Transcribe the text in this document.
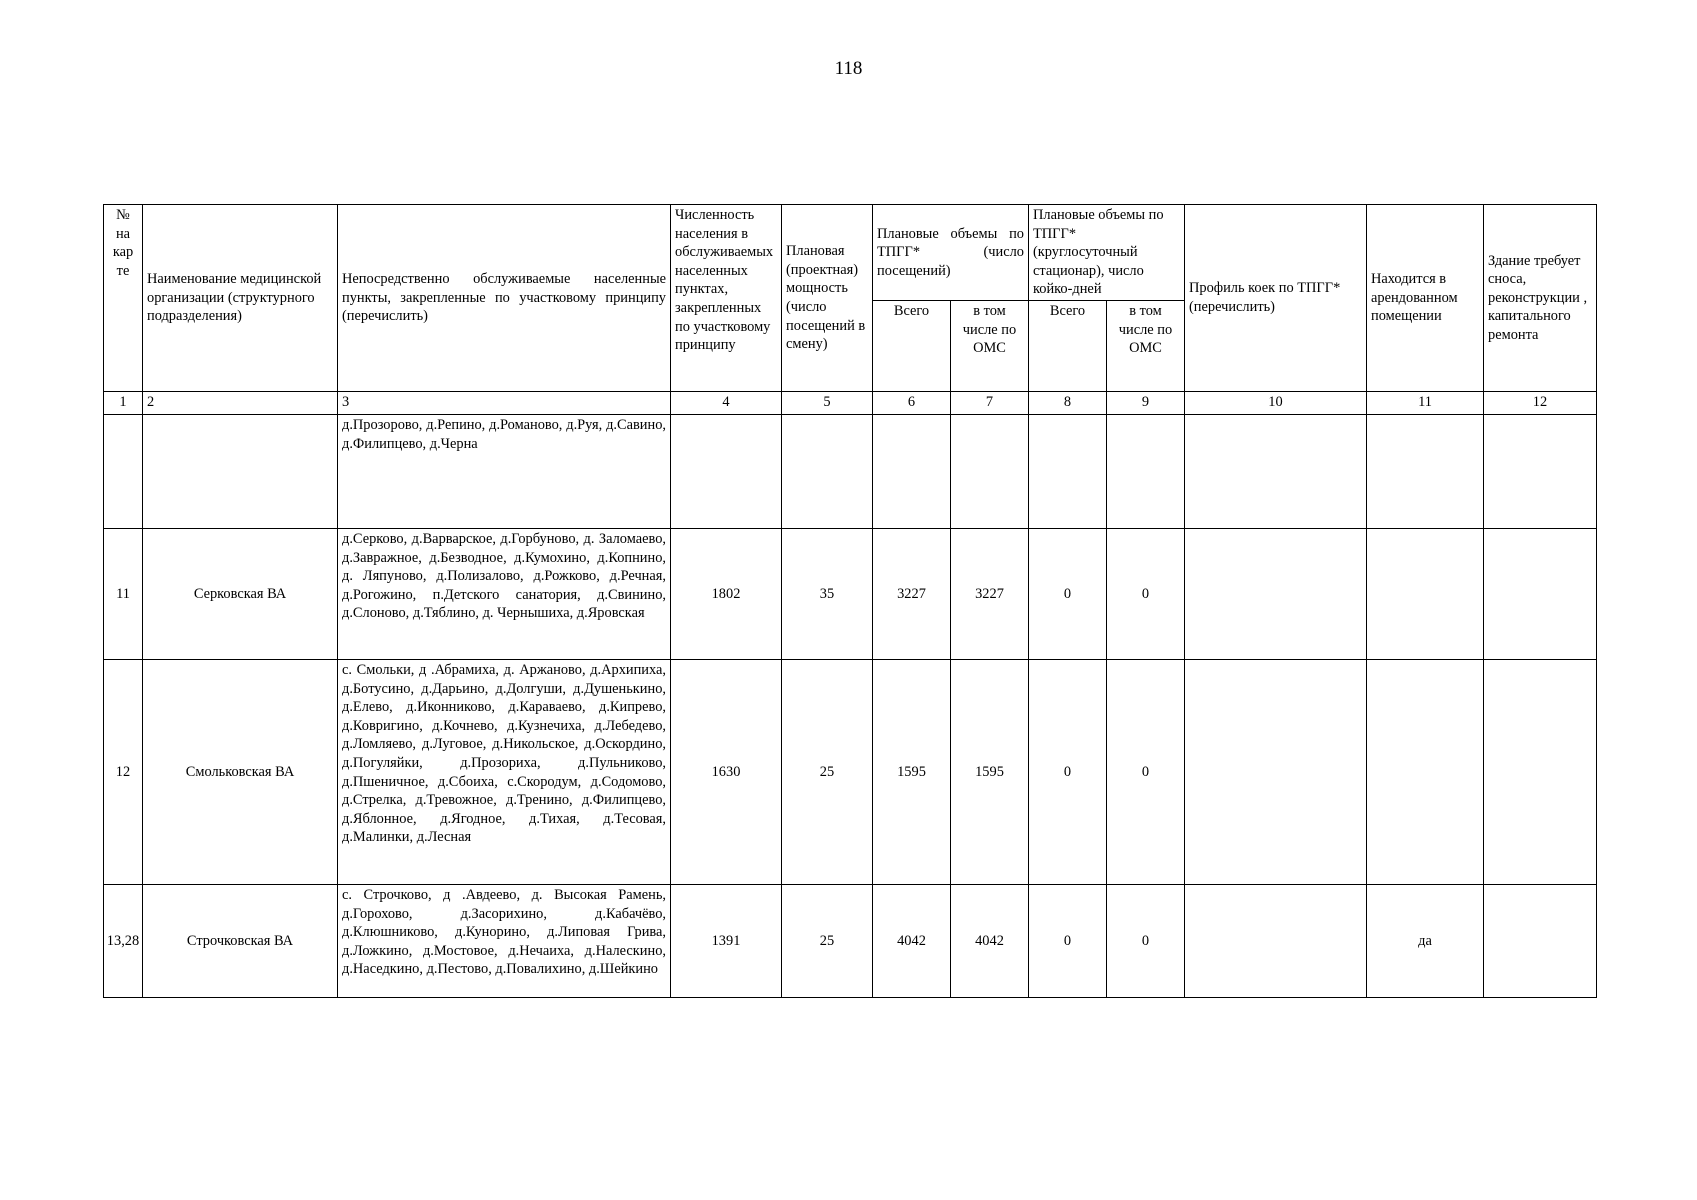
118
№ на кар те	Наименование медицинской организации (структурного подразделения)	Непосредственно обслуживаемые населенные пункты, закрепленные по участковому принципу (перечислить)	Численность населения в обслуживаемых населенных пунктах, закрепленных по участковому принципу	Плановая (проектная) мощность (число посещений в смену)	Плановые объемы по ТПГГ* (число посещений)		Плановые объемы по ТПГГ* (круглосуточный стационар), число койко-дней		Профиль коек по ТПГГ* (перечислить)	Находится в арендованном помещении	Здание требует сноса, реконструкции , капитального ремонта
					Всего	в том числе по ОМС	Всего	в том числе по ОМС			
1	2	3	4	5	6	7	8	9	10	11	12
		д.Прозорово, д.Репино, д.Романово, д.Руя, д.Савино, д.Филипцево, д.Черна									
11	Серковская ВА	д.Серково, д.Варварское, д.Горбуново, д. Заломаево, д.Завражное, д.Безводное, д.Кумохино, д.Копнино, д. Ляпуново, д.Полизалово, д.Рожково, д.Речная, д.Рогожино, п.Детского санатория, д.Свинино, д.Слоново, д.Тяблино, д. Чернышиха, д.Яровская	1802	35	3227	3227	0	0			
12	Смольковская ВА	с. Смольки, д .Абрамиха, д. Аржаново, д.Архипиха, д.Ботусино, д.Дарьино, д.Долгуши, д.Душенькино, д.Елево, д.Иконниково, д.Караваево, д.Кипрево, д.Ковригино, д.Кочнево, д.Кузнечиха, д.Лебедево, д.Ломляево, д.Луговое, д.Никольское, д.Оскордино, д.Погуляйки, д.Прозориха, д.Пульниково, д.Пшеничное, д.Сбоиха, с.Скородум, д.Содомово, д.Стрелка, д.Тревожное, д.Тренино, д.Филипцево, д.Яблонное, д.Ягодное, д.Тихая, д.Тесовая, д.Малинки, д.Лесная	1630	25	1595	1595	0	0			
13,28	Строчковская ВА	с. Строчково, д .Авдеево, д. Высокая Рамень, д.Горохово, д.Засорихино, д.Кабачёво, д.Клюшниково, д.Кунорино, д.Липовая Грива, д.Ложкино, д.Мостовое, д.Нечаиха, д.Налескино, д.Наседкино, д.Пестово, д.Повалихино, д.Шейкино	1391	25	4042	4042	0	0		да	
